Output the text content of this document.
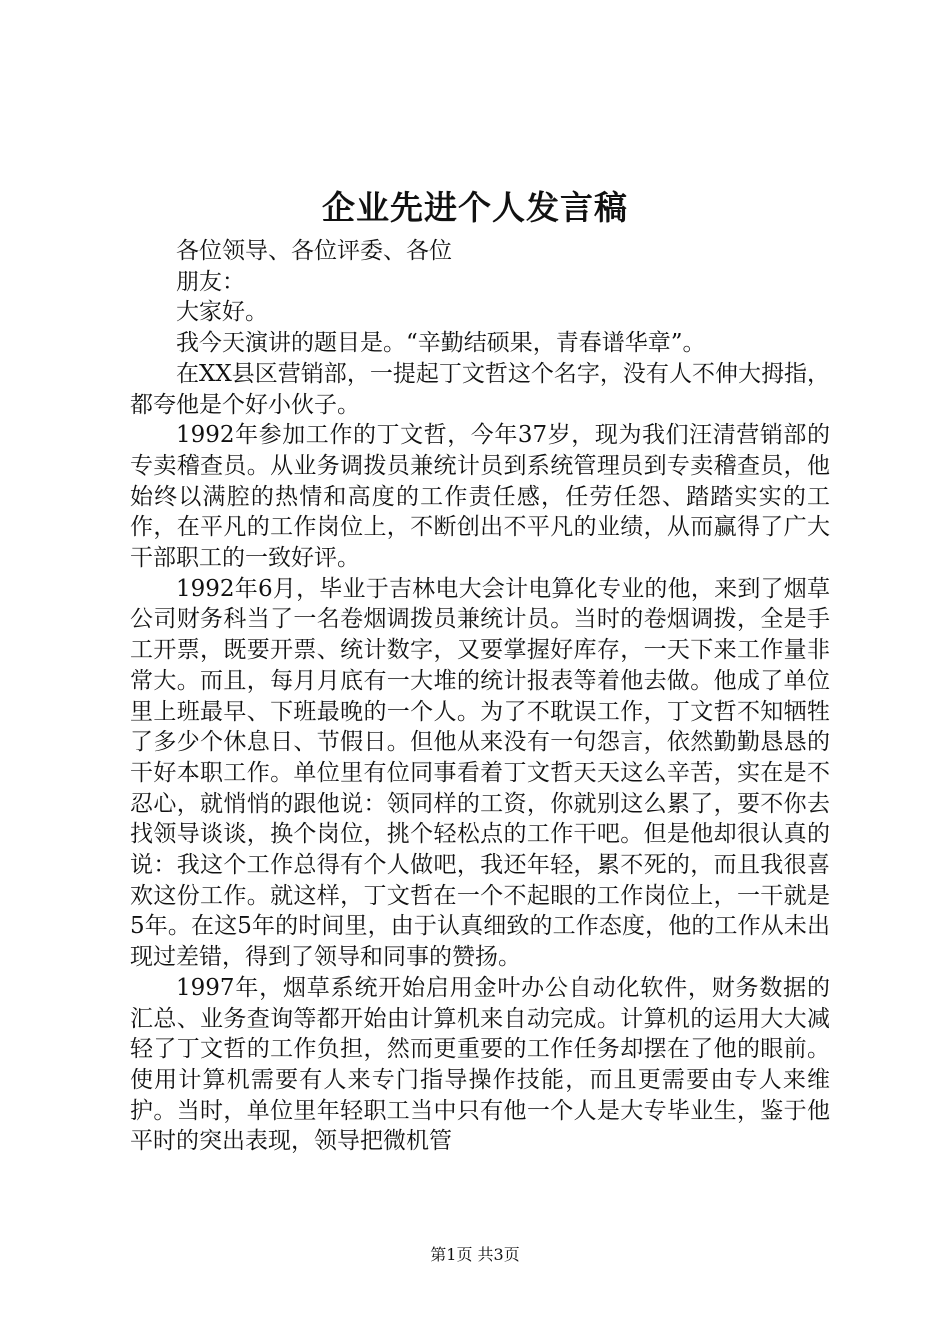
企业先进个人发言稿

各位领导、各位评委、各位

朋友：

大家好。

我今天演讲的题目是。“辛勤结硕果，青春谱华章”。

在XX县区营销部，一提起丁文哲这个名字，没有人不伸大拇指，都夸他是个好小伙子。

1992年参加工作的丁文哲，今年37岁，现为我们汪清营销部的专卖稽查员。从业务调拨员兼统计员到系统管理员到专卖稽查员，他始终以满腔的热情和高度的工作责任感，任劳任怨、踏踏实实的工作，在平凡的工作岗位上，不断创出不平凡的业绩，从而赢得了广大干部职工的一致好评。

1992年6月，毕业于吉林电大会计电算化专业的他，来到了烟草公司财务科当了一名卷烟调拨员兼统计员。当时的卷烟调拨，全是手工开票，既要开票、统计数字，又要掌握好库存，一天下来工作量非常大。而且，每月月底有一大堆的统计报表等着他去做。他成了单位里上班最早、下班最晚的一个人。为了不耽误工作，丁文哲不知牺牲了多少个休息日、节假日。但他从来没有一句怨言，依然勤勤恳恳的干好本职工作。单位里有位同事看着丁文哲天天这么辛苦，实在是不忍心，就悄悄的跟他说：领同样的工资，你就别这么累了，要不你去找领导谈谈，换个岗位，挑个轻松点的工作干吧。但是他却很认真的说：我这个工作总得有个人做吧，我还年轻，累不死的，而且我很喜欢这份工作。就这样，丁文哲在一个不起眼的工作岗位上，一干就是5年。在这5年的时间里，由于认真细致的工作态度，他的工作从未出现过差错，得到了领导和同事的赞扬。

1997年，烟草系统开始启用金叶办公自动化软件，财务数据的汇总、业务查询等都开始由计算机来自动完成。计算机的运用大大减轻了丁文哲的工作负担，然而更重要的工作任务却摆在了他的眼前。使用计算机需要有人来专门指导操作技能，而且更需要由专人来维护。当时，单位里年轻职工当中只有他一个人是大专毕业生，鉴于他平时的突出表现，领导把微机管

第1页 共3页
